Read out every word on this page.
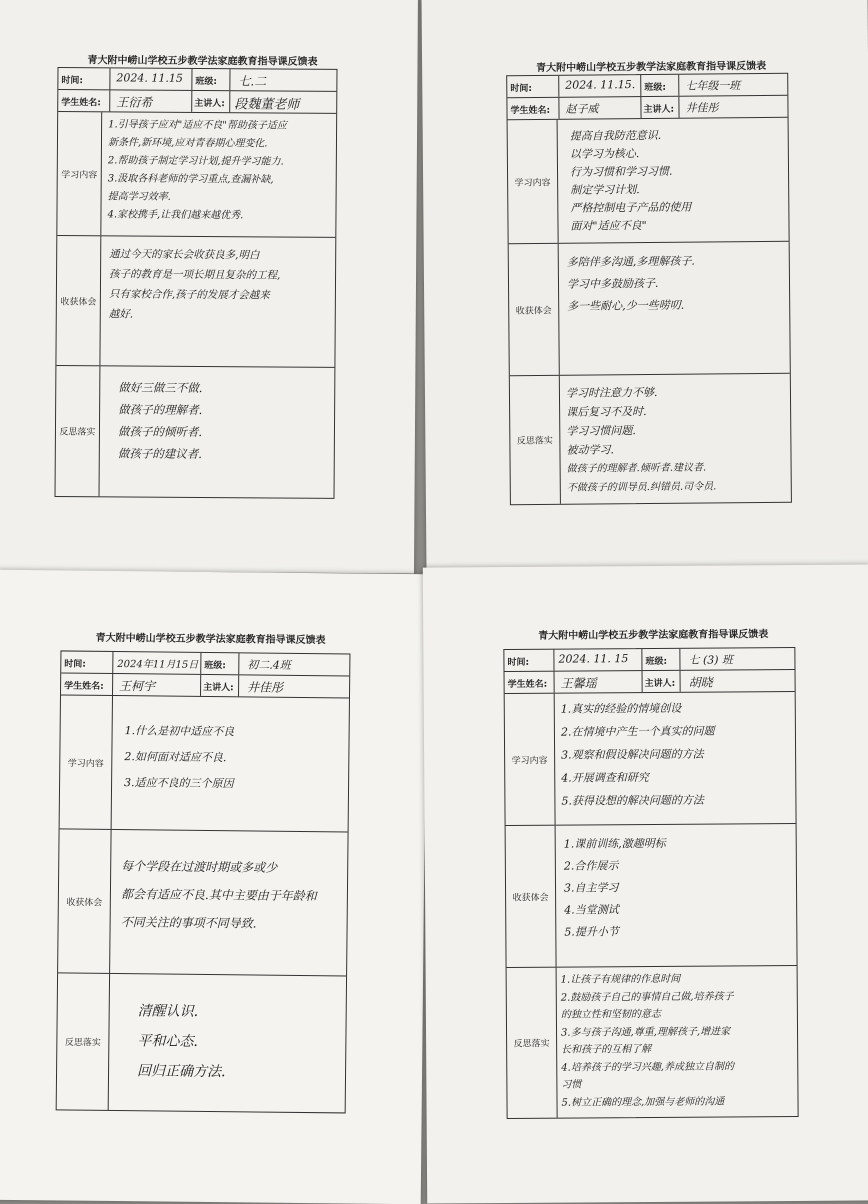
青大附中崂山学校五步教学法家庭教育指导课反馈表
时间:	2024. 11.15 班级: 七.二
学生姓名: 王衍希	主讲人: 段魏董老师
学习内容
1.引导孩子应对"适应不良"帮助孩子适应
新条件,新环境,应对青春期心理变化.
2.帮助孩子制定学习计划,提升学习能力.
3.汲取各科老师的学习重点,查漏补缺,
提高学习效率.
4.家校携手,让我们越来越优秀.
收获体会
通过今天的家长会收获良多,明白
孩子的教育是一项长期且复杂的工程,
只有家校合作,孩子的发展才会越来
越好.
反思落实
做好三做三不做.
做孩子的理解者.
做孩子的倾听者.
做孩子的建议者.
青大附中崂山学校五步教学法家庭教育指导课反馈表
时间:	2024. 11.15. 班级: 七年级一班
学生姓名: 赵子威	主讲人: 井佳彤
学习内容
提高自我防范意识.
以学习为核心.
行为习惯和学习习惯.
制定学习计划.
严格控制电子产品的使用
面对"适应不良"
收获体会
多陪伴多沟通,多理解孩子.
学习中多鼓励孩子.
多一些耐心,少一些唠叨.
反思落实
学习时注意力不够.
课后复习不及时.
学习习惯问题.
被动学习.
做孩子的理解者.倾听者.建议者.
不做孩子的训导员.纠错员.司令员.
青大附中崂山学校五步教学法家庭教育指导课反馈表
时间:	2024年11月15日 班级: 初二.4班
学生姓名: 王柯宇	主讲人: 井佳彤
学习内容
1.什么是初中适应不良
2.如何面对适应不良.
3.适应不良的三个原因
收获体会
每个学段在过渡时期或多或少
都会有适应不良.其中主要由于年龄和
不同关注的事项不同导致.
反思落实
清醒认识.
平和心态.
回归正确方法.
青大附中崂山学校五步教学法家庭教育指导课反馈表
时间:	2024. 11. 15 班级: 七 (3) 班
学生姓名: 王馨瑶	主讲人: 胡晓
学习内容
1.真实的经验的情境创设
2.在情境中产生一个真实的问题
3.观察和假设解决问题的方法
4.开展调查和研究
5.获得设想的解决问题的方法
收获体会
1.课前训练,激趣明标
2.合作展示
3.自主学习
4.当堂测试
5.提升小节
反思落实
1.让孩子有规律的作息时间
2.鼓励孩子自己的事情自己做,培养孩子
的独立性和坚韧的意志
3.多与孩子沟通,尊重,理解孩子,增进家
长和孩子的互相了解
4.培养孩子的学习兴趣,养成独立自制的
习惯
5.树立正确的理念,加强与老师的沟通
